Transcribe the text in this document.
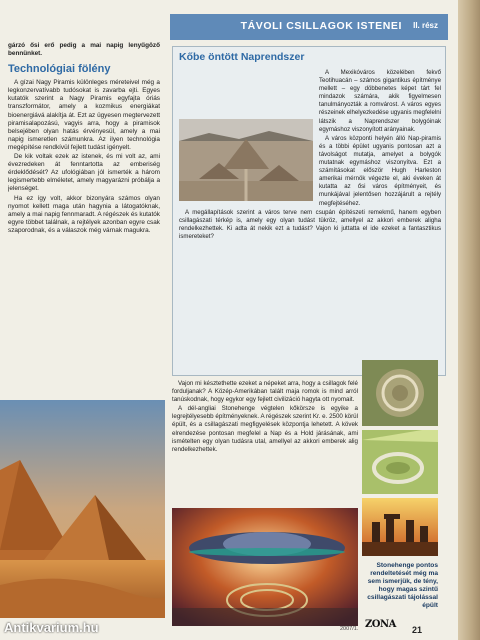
TÁVOLI CSILLAGOK ISTENEI II. rész

gárzó ősi erő pedig a mai napig lenyűgöző bennünket.

Technológiai fölény

A gízai Nagy Piramis különleges méreteivel még a legkonzervatívabb tudósokat is zavarba ejti. Egyes kutatók szerint a Nagy Piramis egyfajta óriás transzformátor, amely a kozmikus energiákat bioenergiává alakítja át. Ezt az ügyesen megtervezett piramisalapozású, vagyis arra, hogy a piramisok belsejében olyan hatás érvényesül, amely a mai napig ismeretlen számunkra. Az ilyen technológia megépítése rendkívül fejlett tudást igényelt.

De kik voltak ezek az istenek, és mi volt az, ami évezredeken át fenntartotta az emberiség érdeklődését? Az ufológiában jól ismerték a három legismertebb elméletet, amely magyarázni próbálja a jelenséget.

Ha ez így volt, akkor bizonyára számos olyan nyomot kellett maga után hagynia a látogatóknak, amely a mai napig fennmaradt. A régészek és kutatók egyre többet találnak, a rejtélyek azonban egyre csak szaporodnak, és a válaszok még várnak magukra.

Kőbe öntött Naprendszer

A Mexikóváros közelében fekvő Teotihuacán – számos gigantikus építménye mellett – egy döbbenetes képet tárt fel mindazok számára, akik figyelmesen tanulmányozták a romvárost. A város egyes részeinek elhelyezkedése ugyanis megfelelni látszik a Naprendszer bolygóinak egymáshoz viszonyított arányainak.

A város központi helyén álló Nap-piramis és a többi épület ugyanis pontosan azt a távolságot mutatja, amelyet a bolygók mutatnak egymáshoz viszonyítva. Ezt a számításokat először Hugh Harleston amerikai mérnök végezte el, aki éveken át kutatta az ősi város építményeit, és munkájával jelentősen hozzájárult a rejtély megfejtéséhez.

A megállapítások szerint a város terve nem csupán építészeti remekmű, hanem egyben csillagászati térkép is, amely egy olyan tudást tükröz, amellyel az akkori emberek aligha rendelkezhettek. Ki adta át nekik ezt a tudást? Vajon ki juttatta el ide ezeket a fantasztikus ismereteket?

Vajon mi késztethette ezeket a népeket arra, hogy a csillagok felé forduljanak? A Közép-Amerikában talált maja romok is mind arról tanúskodnak, hogy egykor egy fejlett civilizáció hagyta ott nyomait.

A dél-angliai Stonehenge végtelen kőkörsze is egyike a legrejtélyesebb építményeknek. A régészek szerint Kr. e. 2500 körül épült, és a csillagászati megfigyelések központja lehetett. A kövek elrendezése pontosan megfelel a Nap és a Hold járásának, ami ismételten egy olyan tudásra utal, amellyel az akkori emberek alig rendelkezhettek.

Stonehenge pontos rendeltetését még ma sem ismerjük, de tény, hogy magas szintű csillagászati tájolással épült
2007/1. ZONA 21
Antikvarium.hu
